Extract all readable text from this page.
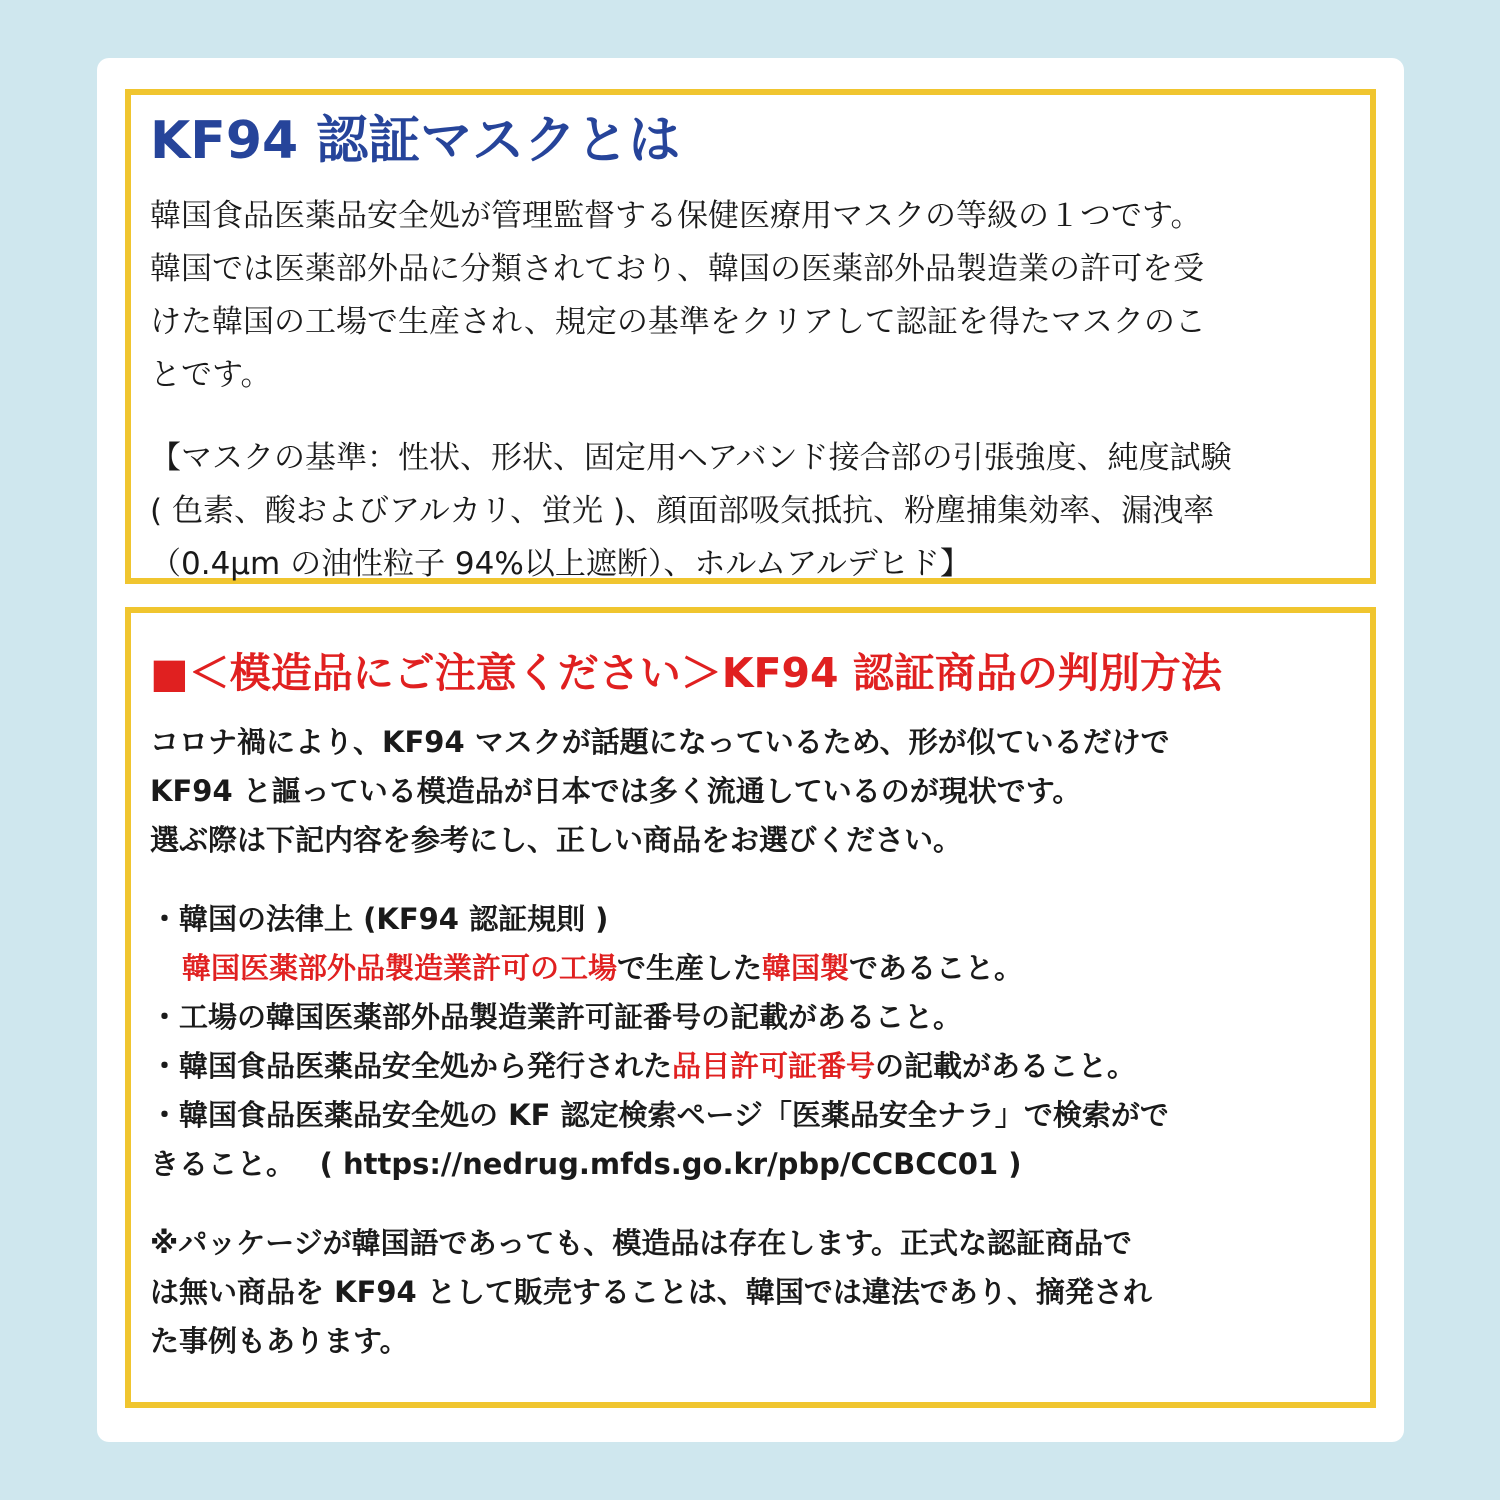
KF94 認証マスクとは
韓国食品医薬品安全処が管理監督する保健医療用マスクの等級の１つです。
韓国では医薬部外品に分類されており、韓国の医薬部外品製造業の許可を受
けた韓国の工場で生産され、規定の基準をクリアして認証を得たマスクのこ
とです。
【マスクの基準：性状、形状、固定用ヘアバンド接合部の引張強度、純度試験
( 色素、酸およびアルカリ、蛍光 )、顔面部吸気抵抗、粉塵捕集効率、漏洩率
（0.4μm の油性粒子 94%以上遮断）、ホルムアルデヒド】
■＜模造品にご注意ください＞KF94 認証商品の判別方法
コロナ禍により、KF94 マスクが話題になっているため、形が似ているだけで
KF94 と謳っている模造品が日本では多く流通しているのが現状です。
選ぶ際は下記内容を参考にし、正しい商品をお選びください。
・韓国の法律上 (KF94 認証規則 )
韓国医薬部外品製造業許可の工場で生産した韓国製であること。
・工場の韓国医薬部外品製造業許可証番号の記載があること。
・韓国食品医薬品安全処から発行された品目許可証番号の記載があること。
・韓国食品医薬品安全処の KF 認定検索ページ「医薬品安全ナラ」で検索がで
きること。　 ( https://nedrug.mfds.go.kr/pbp/CCBCC01 )
※パッケージが韓国語であっても、模造品は存在します。正式な認証商品で
は無い商品を KF94 として販売することは、韓国では違法であり、摘発され
た事例もあります。
